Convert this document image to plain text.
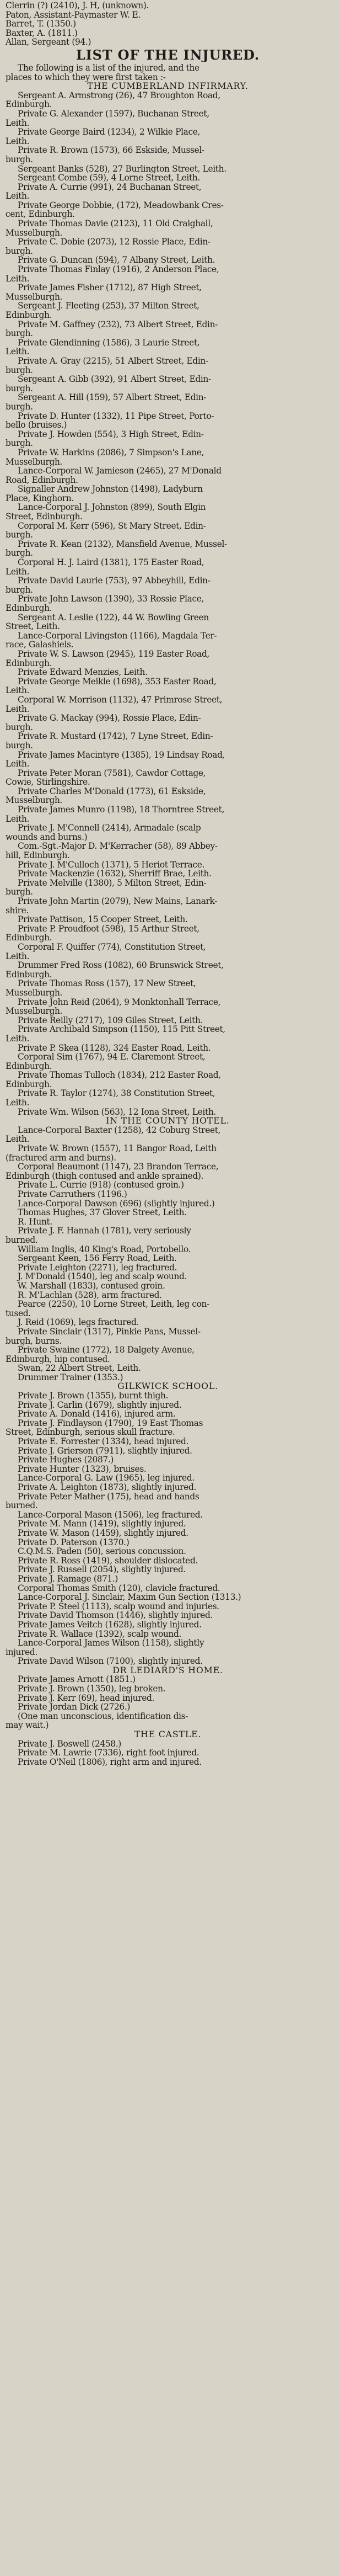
Clerrin (?) (2410), J. H, (unknown).
Paton, Assistant-Paymaster W. E.
Barret, T. (1350.)
Baxter, A. (1811.)
Allan, Sergeant (94.)
LIST OF THE INJURED.
The following is a list of the injured, and the
places to which they were first taken :-
THE CUMBERLAND INFIRMARY.
Sergeant A. Armstrong (26), 47 Broughton Road,
Edinburgh.
Private G. Alexander (1597), Buchanan Street,
Leith.
Private George Baird (1234), 2 Wilkie Place,
Leith.
Private R. Brown (1573), 66 Eskside, Mussel-
burgh.
Sergeant Banks (528), 27 Burlington Street, Leith.
Sergeant Combe (59), 4 Lorne Street, Leith.
Private A. Currie (991), 24 Buchanan Street,
Leith.
Private George Dobbie, (172), Meadowbank Cres-
cent, Edinburgh.
Private Thomas Davie (2123), 11 Old Craighall,
Musselburgh.
Private C. Dobie (2073), 12 Rossie Place, Edin-
burgh.
Private G. Duncan (594), 7 Albany Street, Leith.
Private Thomas Finlay (1916), 2 Anderson Place,
Leith.
Private James Fisher (1712), 87 High Street,
Musselburgh.
Sergeant J. Fleeting (253), 37 Milton Street,
Edinburgh.
Private M. Gaffney (232), 73 Albert Street, Edin-
burgh.
Private Glendinning (1586), 3 Laurie Street,
Leith.
Private A. Gray (2215), 51 Albert Street, Edin-
burgh.
Sergeant A. Gibb (392), 91 Albert Street, Edin-
burgh.
Sergeant A. Hill (159), 57 Albert Street, Edin-
burgh.
Private D. Hunter (1332), 11 Pipe Street, Porto-
bello (bruises.)
Private J. Howden (554), 3 High Street, Edin-
burgh.
Private W. Harkins (2086), 7 Simpson's Lane,
Musselburgh.
Lance-Corporal W. Jamieson (2465), 27 M'Donald
Road, Edinburgh.
Signaller Andrew Johnston (1498), Ladyburn
Place, Kinghorn.
Lance-Corporal J. Johnston (899), South Elgin
Street, Edinburgh.
Corporal M. Kerr (596), St Mary Street, Edin-
burgh.
Private R. Kean (2132), Mansfield Avenue, Mussel-
burgh.
Corporal H. J. Laird (1381), 175 Easter Road,
Leith.
Private David Laurie (753), 97 Abbeyhill, Edin-
burgh.
Private John Lawson (1390), 33 Rossie Place,
Edinburgh.
Sergeant A. Leslie (122), 44 W. Bowling Green
Street, Leith.
Lance-Corporal Livingston (1166), Magdala Ter-
race, Galashiels.
Private W. S. Lawson (2945), 119 Easter Road,
Edinburgh.
Private Edward Menzies, Leith.
Private George Meikle (1698), 353 Easter Road,
Leith.
Corporal W. Morrison (1132), 47 Primrose Street,
Leith.
Private G. Mackay (994), Rossie Place, Edin-
burgh.
Private R. Mustard (1742), 7 Lyne Street, Edin-
burgh.
Private James Macintyre (1385), 19 Lindsay Road,
Leith.
Private Peter Moran (7581), Cawdor Cottage,
Cowie, Stirlingshire.
Private Charles M'Donald (1773), 61 Eskside,
Musselburgh.
Private James Munro (1198), 18 Thorntree Street,
Leith.
Private J. M'Connell (2414), Armadale (scalp
wounds and burns.)
Com.-Sgt.-Major D. M'Kerracher (58), 89 Abbey-
hill, Edinburgh.
Private J. M'Culloch (1371), 5 Heriot Terrace.
Private Mackenzie (1632), Sherriff Brae, Leith.
Private Melville (1380), 5 Milton Street, Edin-
burgh.
Private John Martin (2079), New Mains, Lanark-
shire.
Private Pattison, 15 Cooper Street, Leith.
Private P. Proudfoot (598), 15 Arthur Street,
Edinburgh.
Corporal F. Quiffer (774), Constitution Street,
Leith.
Drummer Fred Ross (1082), 60 Brunswick Street,
Edinburgh.
Private Thomas Ross (157), 17 New Street,
Musselburgh.
Private John Reid (2064), 9 Monktonhall Terrace,
Musselburgh.
Private Reilly (2717), 109 Giles Street, Leith.
Private Archibald Simpson (1150), 115 Pitt Street,
Leith.
Private P. Skea (1128), 324 Easter Road, Leith.
Corporal Sim (1767), 94 E. Claremont Street,
Edinburgh.
Private Thomas Tulloch (1834), 212 Easter Road,
Edinburgh.
Private R. Taylor (1274), 38 Constitution Street,
Leith.
Private Wm. Wilson (563), 12 Iona Street, Leith.
IN THE COUNTY HOTEL.
Lance-Corporal Baxter (1258), 42 Coburg Street,
Leith.
Private W. Brown (1557), 11 Bangor Road, Leith
(fractured arm and burns).
Corporal Beaumont (1147), 23 Brandon Terrace,
Edinburgh (thigh contused and ankle sprained).
Private L. Currie (918) (contused groin.)
Private Carruthers (1196.)
Lance-Corporal Dawson (696) (slightly injured.)
Thomas Hughes, 37 Glover Street, Leith.
R. Hunt.
Private J. F. Hannah (1781), very seriously
burned.
William Inglis, 40 King's Road, Portobello.
Sergeant Keen, 156 Ferry Road, Leith.
Private Leighton (2271), leg fractured.
J. M'Donald (1540), leg and scalp wound.
W. Marshall (1833), contused groin.
R. M'Lachlan (528), arm fractured.
Pearce (2250), 10 Lorne Street, Leith, leg con-
tused.
J. Reid (1069), legs fractured.
Private Sinclair (1317), Pinkie Pans, Mussel-
burgh, burns.
Private Swaine (1772), 18 Dalgety Avenue,
Edinburgh, hip contused.
Swan, 22 Albert Street, Leith.
Drummer Trainer (1353.)
GILKWICK SCHOOL.
Private J. Brown (1355), burnt thigh.
Private J. Carlin (1679), slightly injured.
Private A. Donald (1416), injured arm.
Private J. Findlayson (1790), 19 East Thomas
Street, Edinburgh, serious skull fracture.
Private E. Forrester (1334), head injured.
Private J. Grierson (7911), slightly injured.
Private Hughes (2087.)
Private Hunter (1323), bruises.
Lance-Corporal G. Law (1965), leg injured.
Private A. Leighton (1873), slightly injured.
Private Peter Mather (175), head and hands
burned.
Lance-Corporal Mason (1506), leg fractured.
Private M. Mann (1419), slightly injured.
Private W. Mason (1459), slightly injured.
Private D. Paterson (1370.)
C.Q.M.S. Paden (50), serious concussion.
Private R. Ross (1419), shoulder dislocated.
Private J. Russell (2054), slightly injured.
Private J. Ramage (871.)
Corporal Thomas Smith (120), clavicle fractured.
Lance-Corporal J. Sinclair, Maxim Gun Section (1313.)
Private P. Steel (1113), scalp wound and injuries.
Private David Thomson (1446), slightly injured.
Private James Veitch (1628), slightly injured.
Private R. Wallace (1392), scalp wound.
Lance-Corporal James Wilson (1158), slightly
injured.
Private David Wilson (7100), slightly injured.
DR LEDIARD'S HOME.
Private James Arnott (1851.)
Private J. Brown (1350), leg broken.
Private J. Kerr (69), head injured.
Private Jordan Dick (2726.)
(One man unconscious, identification dis-
may wait.)
THE CASTLE.
Private J. Boswell (2458.)
Private M. Lawrie (7336), right foot injured.
Private O'Neil (1806), right arm and injured.
